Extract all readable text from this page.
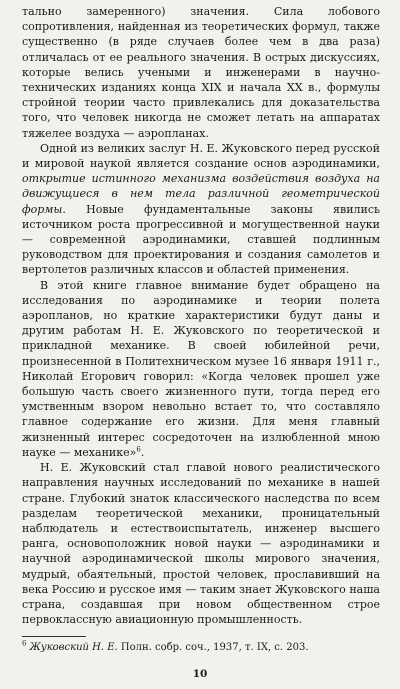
тально замеренного) значения. Сила лобового сопротивления, найденная из теоретических формул, также существенно (в ряде случаев более чем в два раза) отличалась от ее реального значения. В острых дискуссиях, которые велись учеными и инженерами в научно-технических изданиях конца XIX и начала XX в., формулы стройной теории часто привлекались для доказательства того, что человек никогда не сможет летать на аппаратах тяжелее воздуха — аэропланах.

Одной из великих заслуг Н. Е. Жуковского перед русской и мировой наукой является создание основ аэродинамики, открытие истинного механизма воздействия воздуха на движущиеся в нем тела различной геометрической формы. Новые фундаментальные законы явились источником роста прогрессивной и могущественной науки — современной аэродинамики, ставшей подлинным руководством для проектирования и создания самолетов и вертолетов различных классов и областей применения.

В этой книге главное внимание будет обращено на исследования по аэродинамике и теории полета аэропланов, но краткие характеристики будут даны и другим работам Н. Е. Жуковского по теоретической и прикладной механике. В своей юбилейной речи, произнесенной в Политехническом музее 16 января 1911 г., Николай Егорович говорил: «Когда человек прошел уже большую часть своего жизненного пути, тогда перед его умственным взором невольно встает то, что составляло главное содержание его жизни. Для меня главный жизненный интерес сосредоточен на излюбленной мною науке — механике»$^6$.

Н. Е. Жуковский стал главой нового реалистического направления научных исследований по механике в нашей стране. Глубокий знаток классического наследства по всем разделам теоретической механики, проницательный наблюдатель и естествоиспытатель, инженер высшего ранга, основоположник новой науки — аэродинамики и научной аэродинамической школы мирового значения, мудрый, обаятельный, простой человек, прославивший на века Россию и русское имя — таким знает Жуковского наша страна, создавшая при новом общественном строе первоклассную авиационную промышленность.

$^6$ Жуковский Н. Е. Полн. собр. соч., 1937, т. IX, с. 203.
10
